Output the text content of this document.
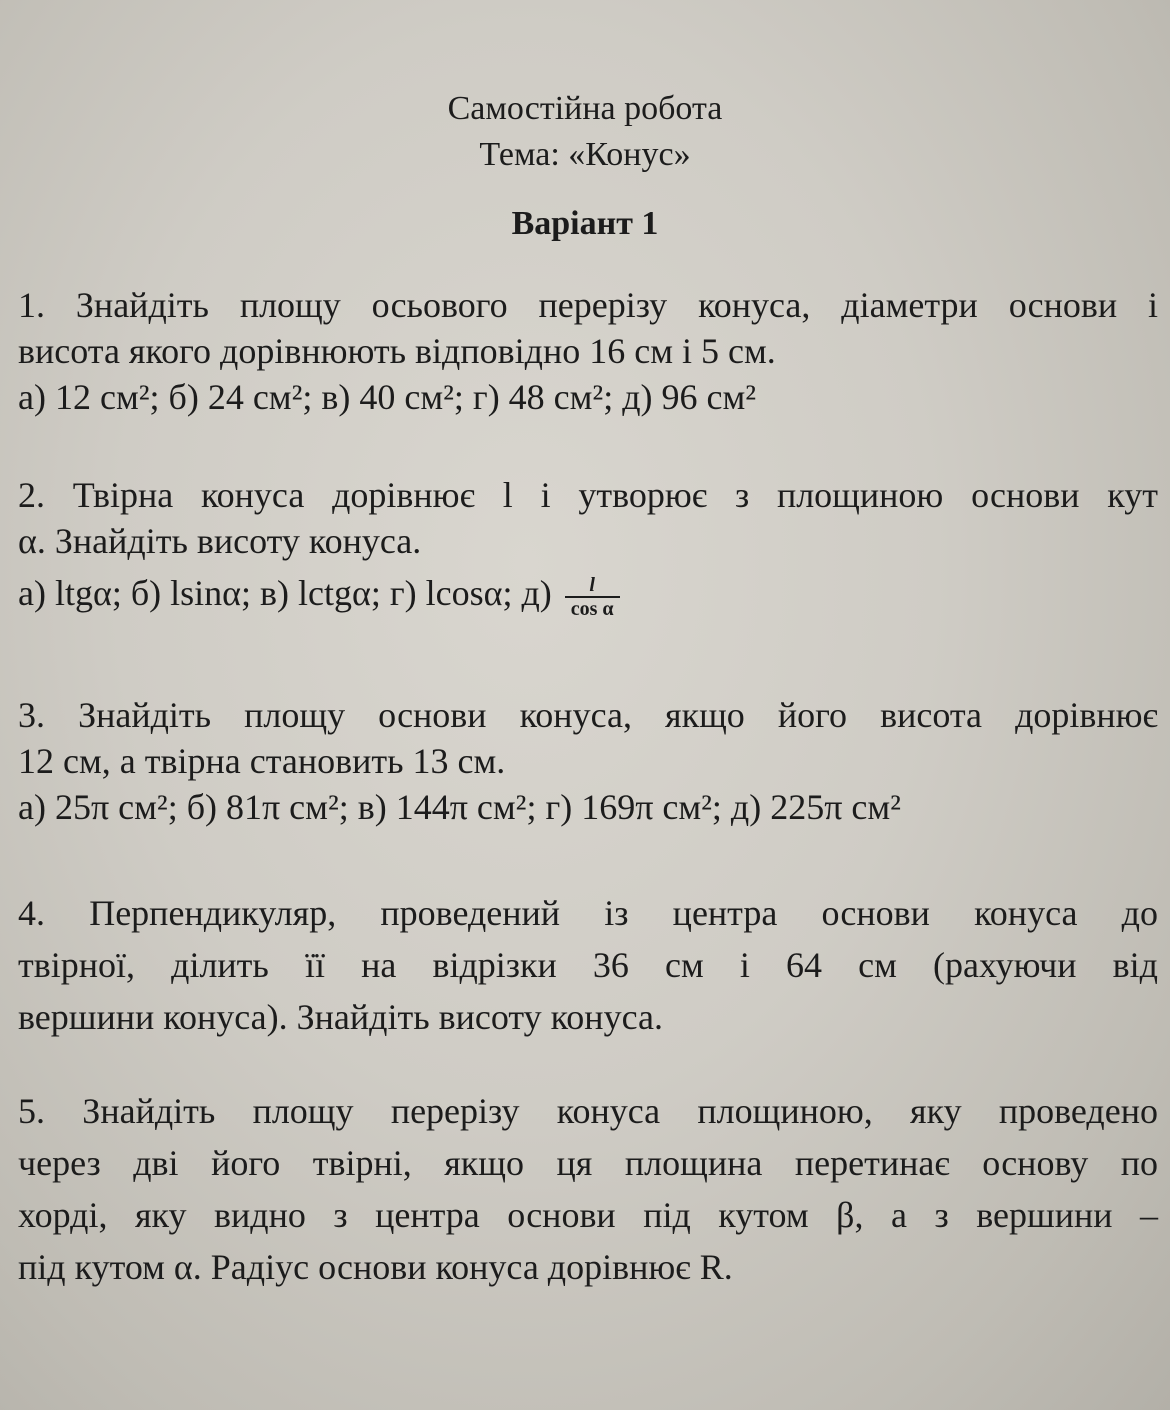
Самостійна робота
Тема: «Конус»
Варіант 1
1. Знайдіть площу осьового перерізу конуса, діаметри основи і
висота якого дорівнюють відповідно 16 см і 5 см.
а) 12 см²; б) 24 см²; в) 40 см²; г) 48 см²; д) 96 см²
2. Твірна конуса дорівнює l і утворює з площиною основи кут
α. Знайдіть висоту конуса.
а) ltgα; б) lsinα; в) lctgα; г) lcosα; $д) \frac{l}{\text{cos α}}$
3. Знайдіть площу основи конуса, якщо його висота дорівнює
12 см, а твірна становить 13 см.
а) 25π см²; б) 81π см²; в) 144π см²; г) 169π см²; д) 225π см²
4. Перпендикуляр, проведений із центра основи конуса до
твірної, ділить її на відрізки 36 см і 64 см (рахуючи від
вершини конуса). Знайдіть висоту конуса.
5. Знайдіть площу перерізу конуса площиною, яку проведено
через дві його твірні, якщо ця площина перетинає основу по
хорді, яку видно з центра основи під кутом β, а з вершини –
під кутом α. Радіус основи конуса дорівнює R.
